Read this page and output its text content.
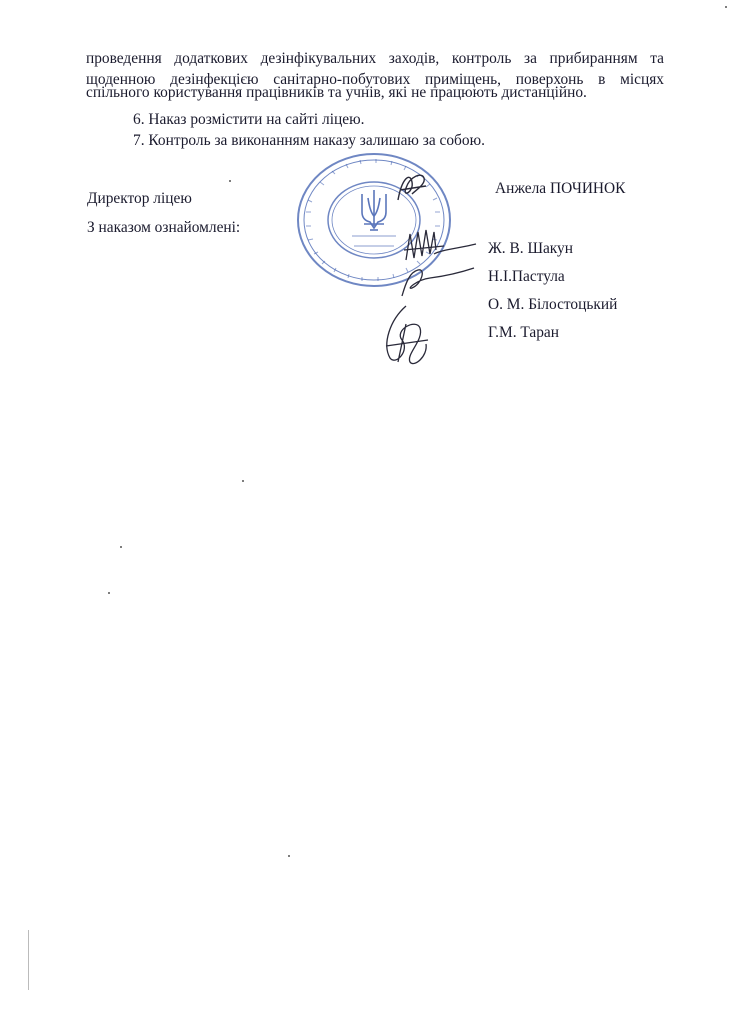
проведення додаткових дезінфікувальних заходів, контроль за прибиранням та
щоденною дезінфекцією санітарно-побутових приміщень, поверхонь в місцях
спільного користування працівників та учнів, які не працюють дистанційно.
6. Наказ розмістити на сайті ліцею.
7. Контроль за виконанням наказу залишаю за собою.
Директор ліцею
Анжела ПОЧИНОК
З наказом ознайомлені:
Ж. В. Шакун
Н.І.Пастула
О. М. Білостоцький
Г.М. Таран
